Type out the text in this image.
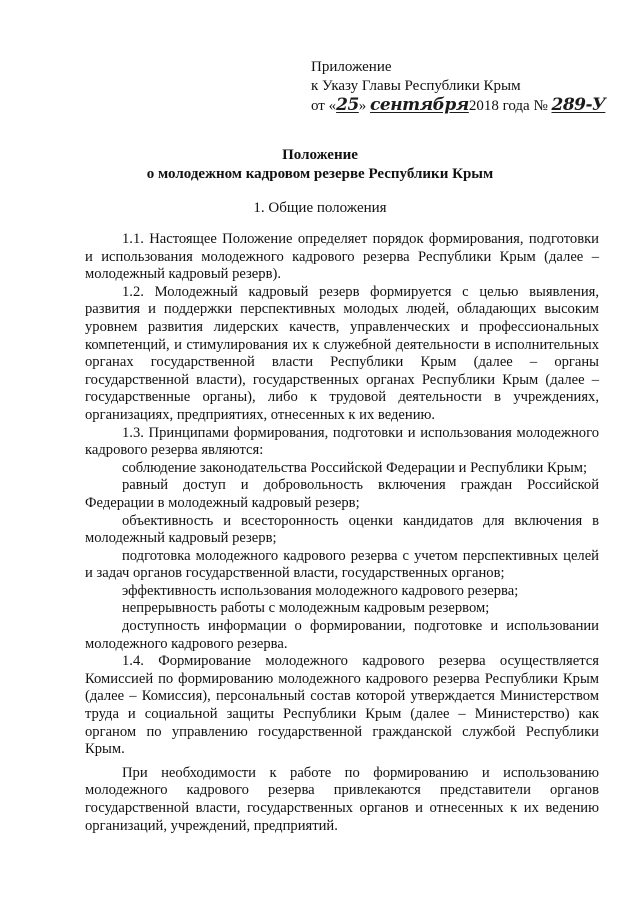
Приложение
к Указу Главы Республики Крым
от «25» сентября2018 года № 289-У
Положение
о молодежном кадровом резерве Республики Крым
1. Общие положения

1.1. Настоящее Положение определяет порядок формирования, подготовки и использования молодежного кадрового резерва Республики Крым (далее – молодежный кадровый резерв).

1.2. Молодежный кадровый резерв формируется с целью выявления, развития и поддержки перспективных молодых людей, обладающих высоким уровнем развития лидерских качеств, управленческих и профессиональных компетенций, и стимулирования их к служебной деятельности в исполнительных органах государственной власти Республики Крым (далее – органы государственной власти), государственных органах Республики Крым (далее – государственные органы), либо к трудовой деятельности в учреждениях, организациях, предприятиях, отнесенных к их ведению.

1.3. Принципами формирования, подготовки и использования молодежного кадрового резерва являются:

соблюдение законодательства Российской Федерации и Республики Крым;

равный доступ и добровольность включения граждан Российской Федерации в молодежный кадровый резерв;

объективность и всесторонность оценки кандидатов для включения в молодежный кадровый резерв;

подготовка молодежного кадрового резерва с учетом перспективных целей и задач органов государственной власти, государственных органов;

эффективность использования молодежного кадрового резерва;

непрерывность работы с молодежным кадровым резервом;

доступность информации о формировании, подготовке и использовании молодежного кадрового резерва.

1.4. Формирование молодежного кадрового резерва осуществляется Комиссией по формированию молодежного кадрового резерва Республики Крым (далее – Комиссия), персональный состав которой утверждается Министерством труда и социальной защиты Республики Крым (далее – Министерство) как органом по управлению государственной гражданской службой Республики Крым.

При необходимости к работе по формированию и использованию молодежного кадрового резерва привлекаются представители органов государственной власти, государственных органов и отнесенных к их ведению организаций, учреждений, предприятий.
